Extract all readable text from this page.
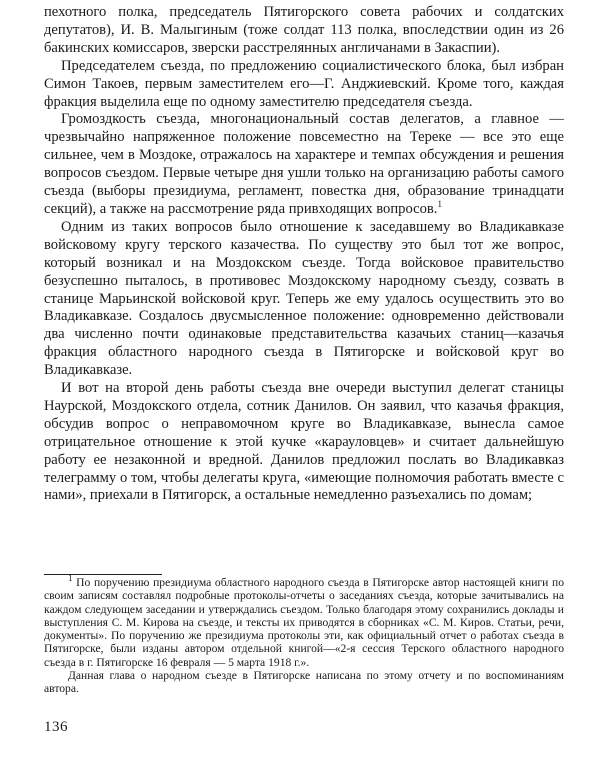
пехотного полка, председатель Пятигорского совета рабочих и солдатских депутатов), И. В. Малыгиным (тоже солдат 113 полка, впоследствии один из 26 бакинских комиссаров, зверски расстрелянных англичанами в Закаспии).

Председателем съезда, по предложению социалистического блока, был избран Симон Такоев, первым заместителем его—Г. Анджиевский. Кроме того, каждая фракция выделила еще по одному заместителю председателя съезда.

Громоздкость съезда, многонациональный состав делегатов, а главное — чрезвычайно напряженное положение повсеместно на Тереке — все это еще сильнее, чем в Моздоке, отражалось на характере и темпах обсуждения и решения вопросов съездом. Первые четыре дня ушли только на организацию работы самого съезда (выборы президиума, регламент, повестка дня, образование тринадцати секций), а также на рассмотрение ряда привходящих вопросов.$^1$

Одним из таких вопросов было отношение к заседавшему во Владикавказе войсковому кругу терского казачества. По существу это был тот же вопрос, который возникал и на Моздокском съезде. Тогда войсковое правительство безуспешно пыталось, в противовес Моздокскому народному съезду, созвать в станице Марьинской войсковой круг. Теперь же ему удалось осуществить это во Владикавказе. Создалось двусмысленное положение: одновременно действовали два численно почти одинаковые представительства казачьих станиц—казачья фракция областного народного съезда в Пятигорске и войсковой круг во Владикавказе.

И вот на второй день работы съезда вне очереди выступил делегат станицы Наурской, Моздокского отдела, сотник Данилов. Он заявил, что казачья фракция, обсудив вопрос о неправомочном круге во Владикавказе, вынесла самое отрицательное отношение к этой кучке «карауловцев» и считает дальнейшую работу ее незаконной и вредной. Данилов предложил послать во Владикавказ телеграмму о том, чтобы делегаты круга, «имеющие полномочия работать вместе с нами», приехали в Пятигорск, а остальные немедленно разъехались по домам;

$^1$ По поручению президиума областного народного съезда в Пятигорске автор настоящей книги по своим записям составлял подробные протоколы-отчеты о заседаниях съезда, которые зачитывались на каждом следующем заседании и утверждались съездом. Только благодаря этому сохранились доклады и выступления С. М. Кирова на съезде, и тексты их приводятся в сборниках «С. М. Киров. Статьи, речи, документы». По поручению же президиума протоколы эти, как официальный отчет о работах съезда в Пятигорске, были изданы автором отдельной книгой—«2-я сессия Терского областного народного съезда в г. Пятигорске 16 февраля — 5 марта 1918 г.».

Данная глава о народном съезде в Пятигорске написана по этому отчету и по воспоминаниям автора.

136
